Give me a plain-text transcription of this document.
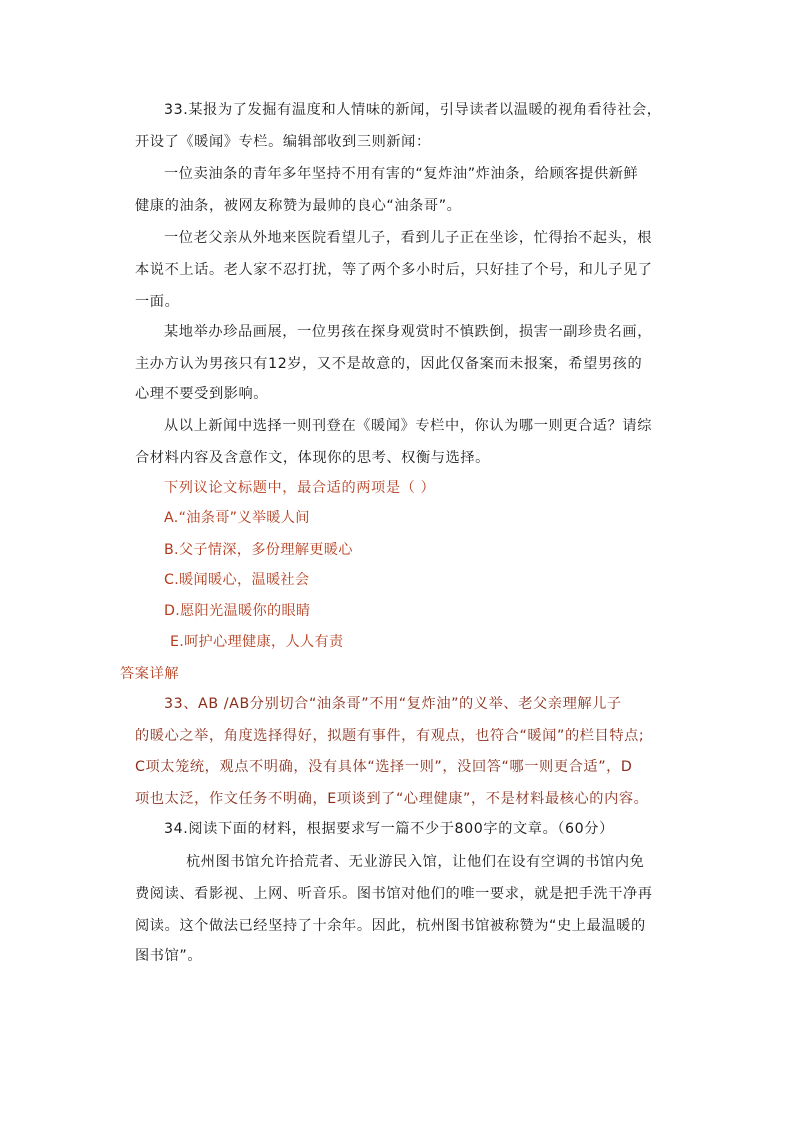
33.某报为了发掘有温度和人情味的新闻，引导读者以温暖的视角看待社会，
开设了《暖闻》专栏。编辑部收到三则新闻：
一位卖油条的青年多年坚持不用有害的“复炸油”炸油条，给顾客提供新鲜
健康的油条，被网友称赞为最帅的良心“油条哥”。
一位老父亲从外地来医院看望儿子，看到儿子正在坐诊，忙得抬不起头，根
本说不上话。老人家不忍打扰，等了两个多小时后，只好挂了个号，和儿子见了
一面。
某地举办珍品画展，一位男孩在探身观赏时不慎跌倒，损害一副珍贵名画，
主办方认为男孩只有12岁，又不是故意的，因此仅备案而未报案，希望男孩的
心理不要受到影响。
从以上新闻中选择一则刊登在《暖闻》专栏中，你认为哪一则更合适？请综
合材料内容及含意作文，体现你的思考、权衡与选择。
下列议论文标题中，最合适的两项是（ ）
A.“油条哥”义举暖人间
B.父子情深，多份理解更暖心
C.暖闻暖心，温暖社会
D.愿阳光温暖你的眼睛
E.呵护心理健康，人人有责
答案详解
33、AB /AB分别切合“油条哥”不用“复炸油”的义举、老父亲理解儿子
的暖心之举，角度选择得好，拟题有事件，有观点，也符合“暖闻”的栏目特点;
C项太笼统，观点不明确，没有具体“选择一则”，没回答“哪一则更合适”，D
项也太泛，作文任务不明确，E项谈到了“心理健康”，不是材料最核心的内容。
34.阅读下面的材料，根据要求写一篇不少于800字的文章。（60分）
杭州图书馆允许拾荒者、无业游民入馆，让他们在设有空调的书馆内免
费阅读、看影视、上网、听音乐。图书馆对他们的唯一要求，就是把手洗干净再
阅读。这个做法已经坚持了十余年。因此，杭州图书馆被称赞为“史上最温暖的
图书馆”。
